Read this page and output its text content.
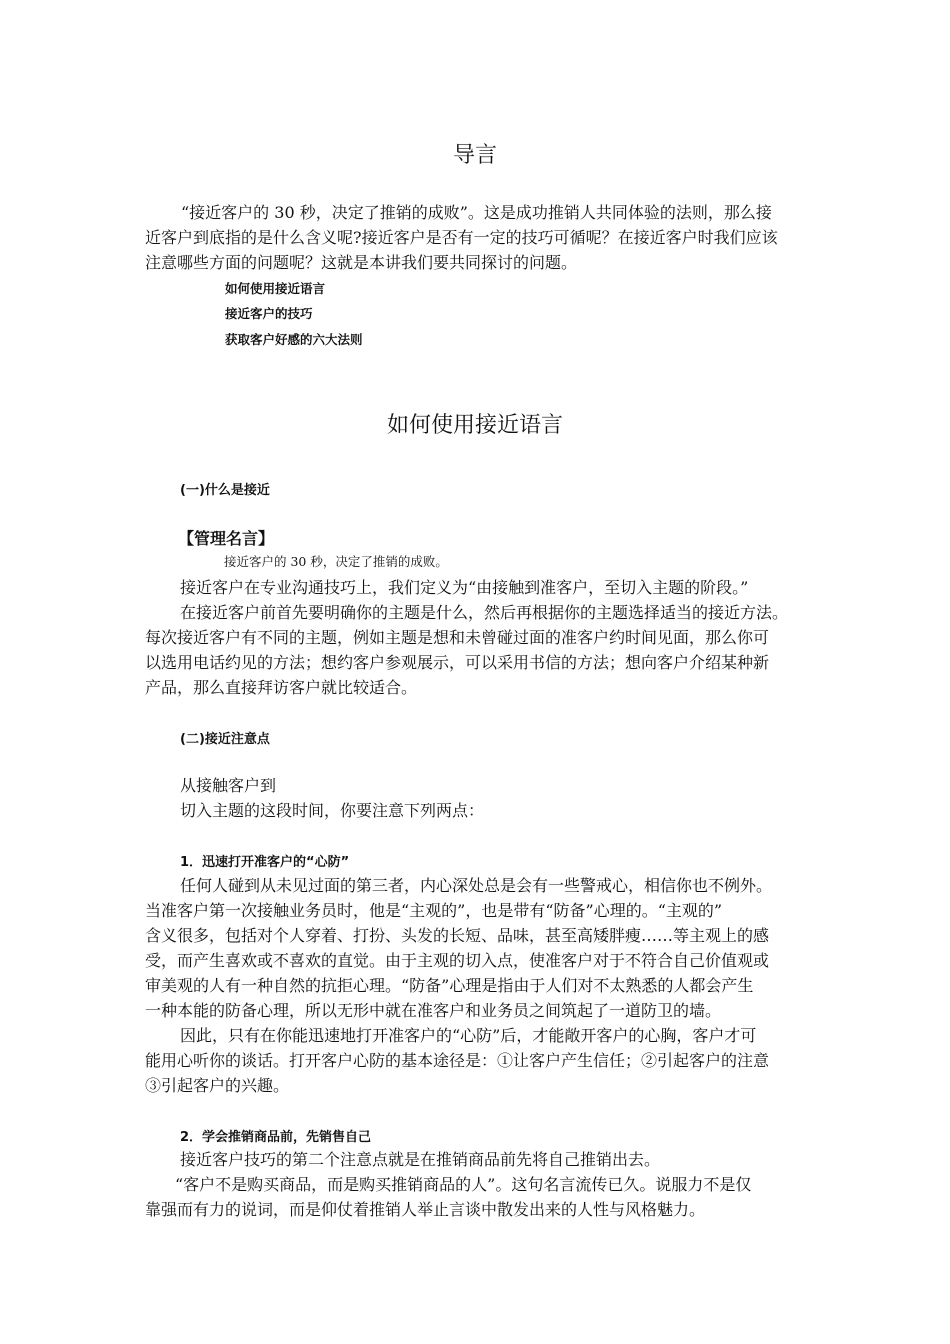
导言
“接近客户的 30 秒，决定了推销的成败”。这是成功推销人共同体验的法则，那么接
近客户到底指的是什么含义呢?接近客户是否有一定的技巧可循呢？在接近客户时我们应该
注意哪些方面的问题呢？这就是本讲我们要共同探讨的问题。
如何使用接近语言
接近客户的技巧
获取客户好感的六大法则
如何使用接近语言
(一)什么是接近
【管理名言】
接近客户的 30 秒，决定了推销的成败。
接近客户在专业沟通技巧上，我们定义为“由接触到准客户，至切入主题的阶段。”
在接近客户前首先要明确你的主题是什么，然后再根据你的主题选择适当的接近方法。
每次接近客户有不同的主题，例如主题是想和未曾碰过面的准客户约时间见面，那么你可
以选用电话约见的方法；想约客户参观展示，可以采用书信的方法；想向客户介绍某种新
产品，那么直接拜访客户就比较适合。
(二)接近注意点
从接触客户到
切入主题的这段时间，你要注意下列两点：
1．迅速打开准客户的“心防”
任何人碰到从未见过面的第三者，内心深处总是会有一些警戒心，相信你也不例外。
当准客户第一次接触业务员时，他是“主观的”，也是带有“防备”心理的。“主观的”
含义很多，包括对个人穿着、打扮、头发的长短、品味，甚至高矮胖瘦……等主观上的感
受，而产生喜欢或不喜欢的直觉。由于主观的切入点，使准客户对于不符合自己价值观或
审美观的人有一种自然的抗拒心理。“防备”心理是指由于人们对不太熟悉的人都会产生
一种本能的防备心理，所以无形中就在准客户和业务员之间筑起了一道防卫的墙。
因此，只有在你能迅速地打开准客户的“心防”后，才能敞开客户的心胸，客户才可
能用心听你的谈话。打开客户心防的基本途径是：①让客户产生信任；②引起客户的注意
③引起客户的兴趣。
2．学会推销商品前，先销售自己
接近客户技巧的第二个注意点就是在推销商品前先将自己推销出去。
“客户不是购买商品，而是购买推销商品的人”。这句名言流传已久。说服力不是仅
靠强而有力的说词，而是仰仗着推销人举止言谈中散发出来的人性与风格魅力。
